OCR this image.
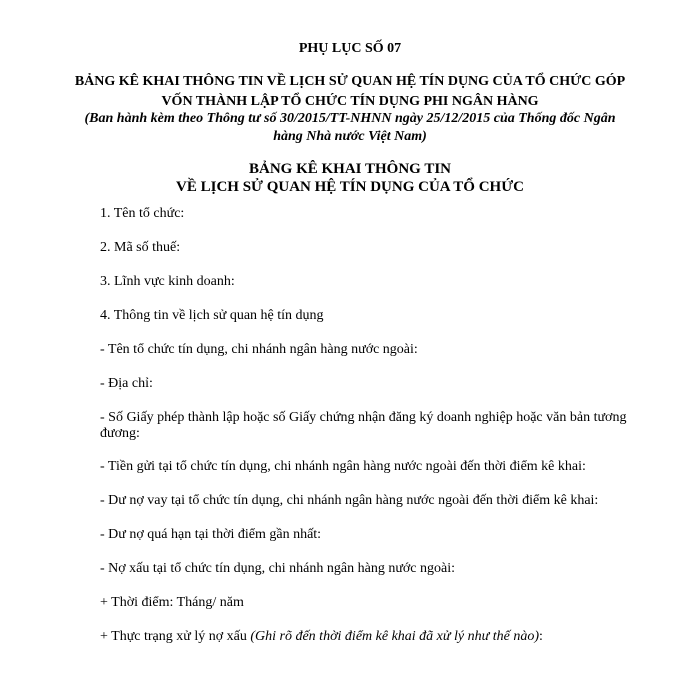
PHỤ LỤC SỐ 07
BẢNG KÊ KHAI THÔNG TIN VỀ LỊCH SỬ QUAN HỆ TÍN DỤNG CỦA TỔ CHỨC GÓP
VỐN THÀNH LẬP TỔ CHỨC TÍN DỤNG PHI NGÂN HÀNG
(Ban hành kèm theo Thông tư số 30/2015/TT-NHNN ngày 25/12/2015 của Thống đốc Ngân
hàng Nhà nước Việt Nam)
BẢNG KÊ KHAI THÔNG TIN
VỀ LỊCH SỬ QUAN HỆ TÍN DỤNG CỦA TỔ CHỨC

1. Tên tổ chức:

2. Mã số thuế:

3. Lĩnh vực kinh doanh:

4. Thông tin về lịch sử quan hệ tín dụng

- Tên tổ chức tín dụng, chi nhánh ngân hàng nước ngoài:

- Địa chỉ:

- Số Giấy phép thành lập hoặc số Giấy chứng nhận đăng ký doanh nghiệp hoặc văn bản tương đương:

- Tiền gửi tại tổ chức tín dụng, chi nhánh ngân hàng nước ngoài đến thời điểm kê khai:

- Dư nợ vay tại tổ chức tín dụng, chi nhánh ngân hàng nước ngoài đến thời điểm kê khai:

- Dư nợ quá hạn tại thời điểm gần nhất:

- Nợ xấu tại tổ chức tín dụng, chi nhánh ngân hàng nước ngoài:

+ Thời điểm: Tháng/ năm

+ Thực trạng xử lý nợ xấu (Ghi rõ đến thời điểm kê khai đã xử lý như thế nào):
